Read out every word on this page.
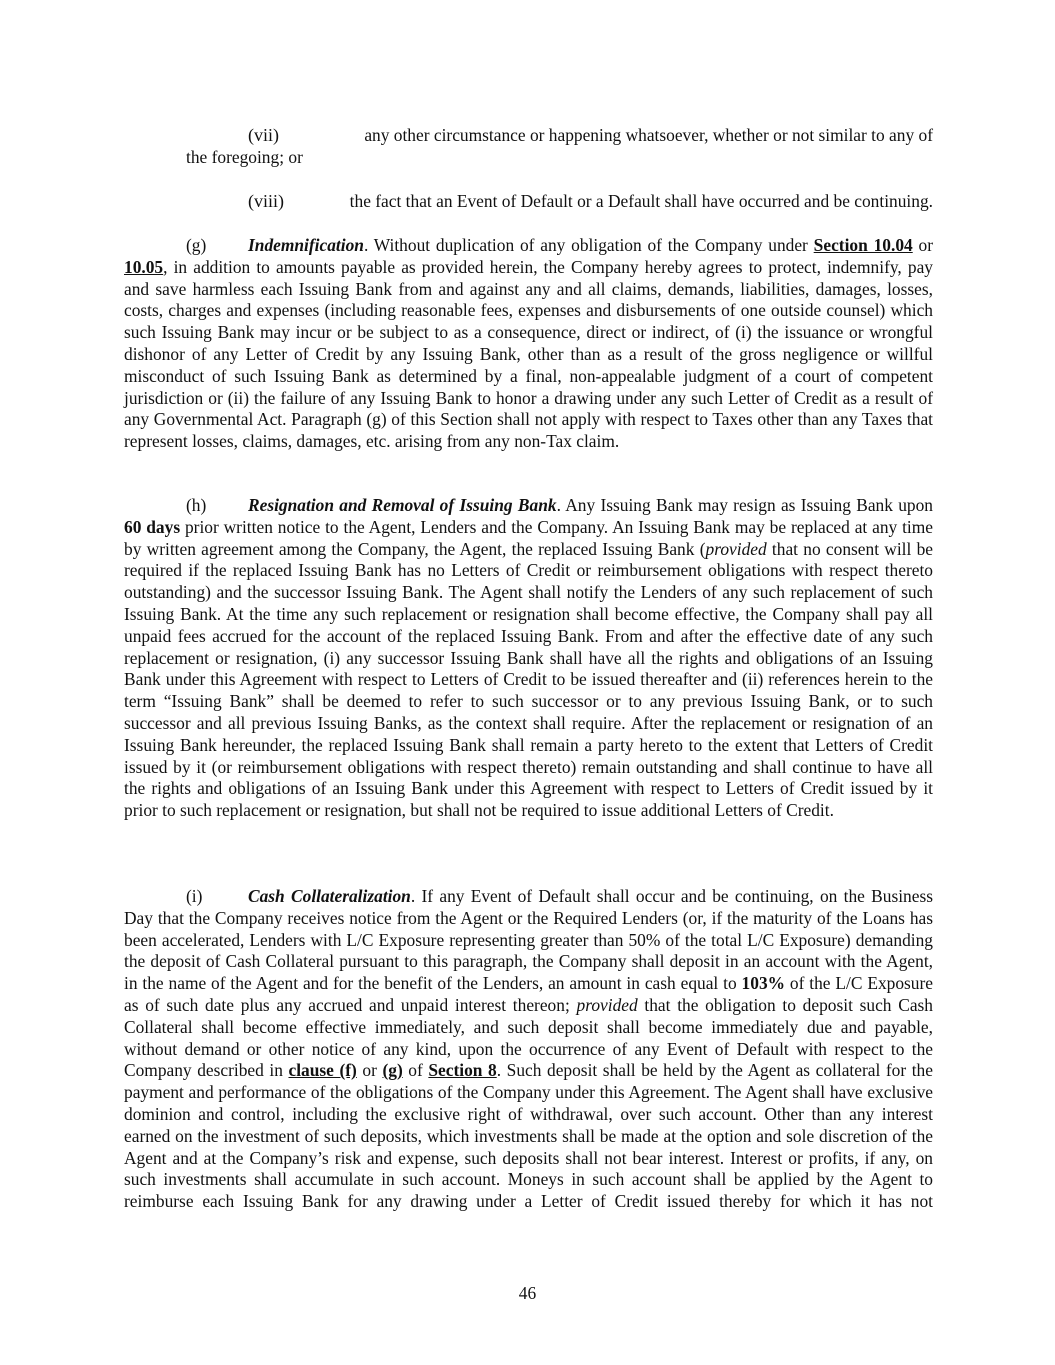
(vii)	any other circumstance or happening whatsoever, whether or not similar to any of
the foregoing; or
(viii)	the fact that an Event of Default or a Default shall have occurred and be continuing.

(g) Indemnification. Without duplication of any obligation of the Company under Section 10.04 or 10.05, in addition to amounts payable as provided herein, the Company hereby agrees to protect, indemnify, pay and save harmless each Issuing Bank from and against any and all claims, demands, liabilities, damages, losses, costs, charges and expenses (including reasonable fees, expenses and disbursements of one outside counsel) which such Issuing Bank may incur or be subject to as a consequence, direct or indirect, of (i) the issuance or wrongful dishonor of any Letter of Credit by any Issuing Bank, other than as a result of the gross negligence or willful misconduct of such Issuing Bank as determined by a final, non-appealable judgment of a court of competent jurisdiction or (ii) the failure of any Issuing Bank to honor a drawing under any such Letter of Credit as a result of any Governmental Act. Paragraph (g) of this Section shall not apply with respect to Taxes other than any Taxes that represent losses, claims, damages, etc. arising from any non-Tax claim.

(h) Resignation and Removal of Issuing Bank. Any Issuing Bank may resign as Issuing Bank upon 60 days prior written notice to the Agent, Lenders and the Company. An Issuing Bank may be replaced at any time by written agreement among the Company, the Agent, the replaced Issuing Bank (provided that no consent will be required if the replaced Issuing Bank has no Letters of Credit or reimbursement obligations with respect thereto outstanding) and the successor Issuing Bank. The Agent shall notify the Lenders of any such replacement of such Issuing Bank. At the time any such replacement or resignation shall become effective, the Company shall pay all unpaid fees accrued for the account of the replaced Issuing Bank. From and after the effective date of any such replacement or resignation, (i) any successor Issuing Bank shall have all the rights and obligations of an Issuing Bank under this Agreement with respect to Letters of Credit to be issued thereafter and (ii) references herein to the term “Issuing Bank” shall be deemed to refer to such successor or to any previous Issuing Bank, or to such successor and all previous Issuing Banks, as the context shall require. After the replacement or resignation of an Issuing Bank hereunder, the replaced Issuing Bank shall remain a party hereto to the extent that Letters of Credit issued by it (or reimbursement obligations with respect thereto) remain outstanding and shall continue to have all the rights and obligations of an Issuing Bank under this Agreement with respect to Letters of Credit issued by it prior to such replacement or resignation, but shall not be required to issue additional Letters of Credit.

(i)	Cash Collateralization. If any Event of Default shall occur and be continuing, on the Business Day that the Company receives notice from the Agent or the Required Lenders (or, if the maturity of the Loans has been accelerated, Lenders with L/C Exposure representing greater than 50% of the total L/C Exposure) demanding the deposit of Cash Collateral pursuant to this paragraph, the Company shall deposit in an account with the Agent, in the name of the Agent and for the benefit of the Lenders, an amount in cash equal to 103% of the L/C Exposure as of such date plus any accrued and unpaid interest thereon; provided that the obligation to deposit such Cash Collateral shall become effective immediately, and such deposit shall become immediately due and payable, without demand or other notice of any kind, upon the occurrence of any Event of Default with respect to the Company described in clause (f) or (g) of Section 8. Such deposit shall be held by the Agent as collateral for the payment and performance of the obligations of the Company under this Agreement. The Agent shall have exclusive dominion and control, including the exclusive right of withdrawal, over such account. Other than any interest earned on the investment of such deposits, which investments shall be made at the option and sole discretion of the Agent and at the Company’s risk and expense, such deposits shall not bear interest. Interest or profits, if any, on such investments shall accumulate in such account. Moneys in such account shall be applied by the Agent to reimburse each Issuing Bank for any drawing under a Letter of Credit issued thereby for which it has not

46
